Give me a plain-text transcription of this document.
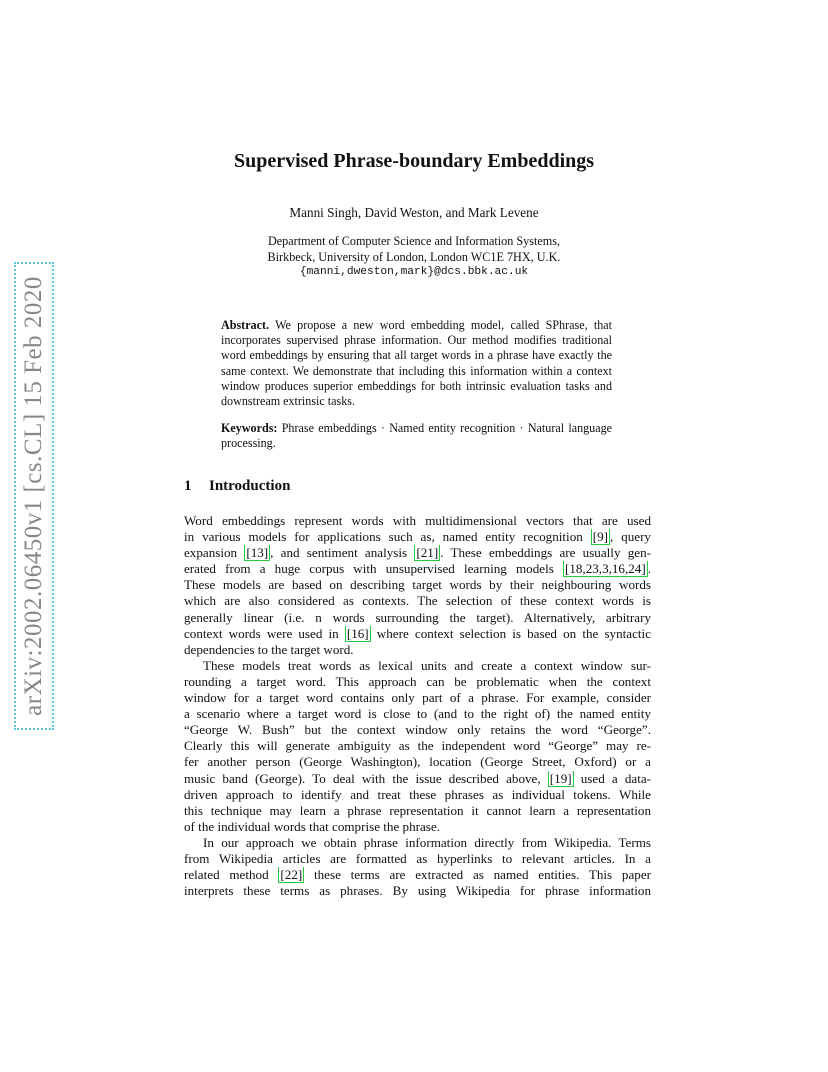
arXiv:2002.06450v1 [cs.CL] 15 Feb 2020
Supervised Phrase-boundary Embeddings
Manni Singh, David Weston, and Mark Levene
Department of Computer Science and Information Systems,
Birkbeck, University of London, London WC1E 7HX, U.K.
{manni,dweston,mark}@dcs.bbk.ac.uk
Abstract. We propose a new word embedding model, called SPhrase, that incorporates supervised phrase information. Our method modifies traditional word embeddings by ensuring that all target words in a phrase have exactly the same context. We demonstrate that including this information within a context window produces superior embeddings for both intrinsic evaluation tasks and downstream extrinsic tasks.
Keywords: Phrase embeddings · Named entity recognition · Natural language processing.
1 Introduction
Word embeddings represent words with multidimensional vectors that are used
in various models for applications such as, named entity recognition [9] , query
expansion [13] , and sentiment analysis [21] . These embeddings are usually gen-
erated from a huge corpus with unsupervised learning models [18,23,3,16,24] .
These models are based on describing target words by their neighbouring words
which are also considered as contexts. The selection of these context words is
generally linear (i.e. n words surrounding the target). Alternatively, arbitrary
context words were used in [16] where context selection is based on the syntactic
dependencies to the target word.
These models treat words as lexical units and create a context window sur-
rounding a target word. This approach can be problematic when the context
window for a target word contains only part of a phrase. For example, consider
a scenario where a target word is close to (and to the right of) the named entity
“George W. Bush” but the context window only retains the word “George”.
Clearly this will generate ambiguity as the independent word “George” may re-
fer another person (George Washington), location (George Street, Oxford) or a
music band (George). To deal with the issue described above, [19] used a data-
driven approach to identify and treat these phrases as individual tokens. While
this technique may learn a phrase representation it cannot learn a representation
of the individual words that comprise the phrase.
In our approach we obtain phrase information directly from Wikipedia. Terms
from Wikipedia articles are formatted as hyperlinks to relevant articles. In a
related method [22] these terms are extracted as named entities. This paper
interprets these terms as phrases. By using Wikipedia for phrase information
